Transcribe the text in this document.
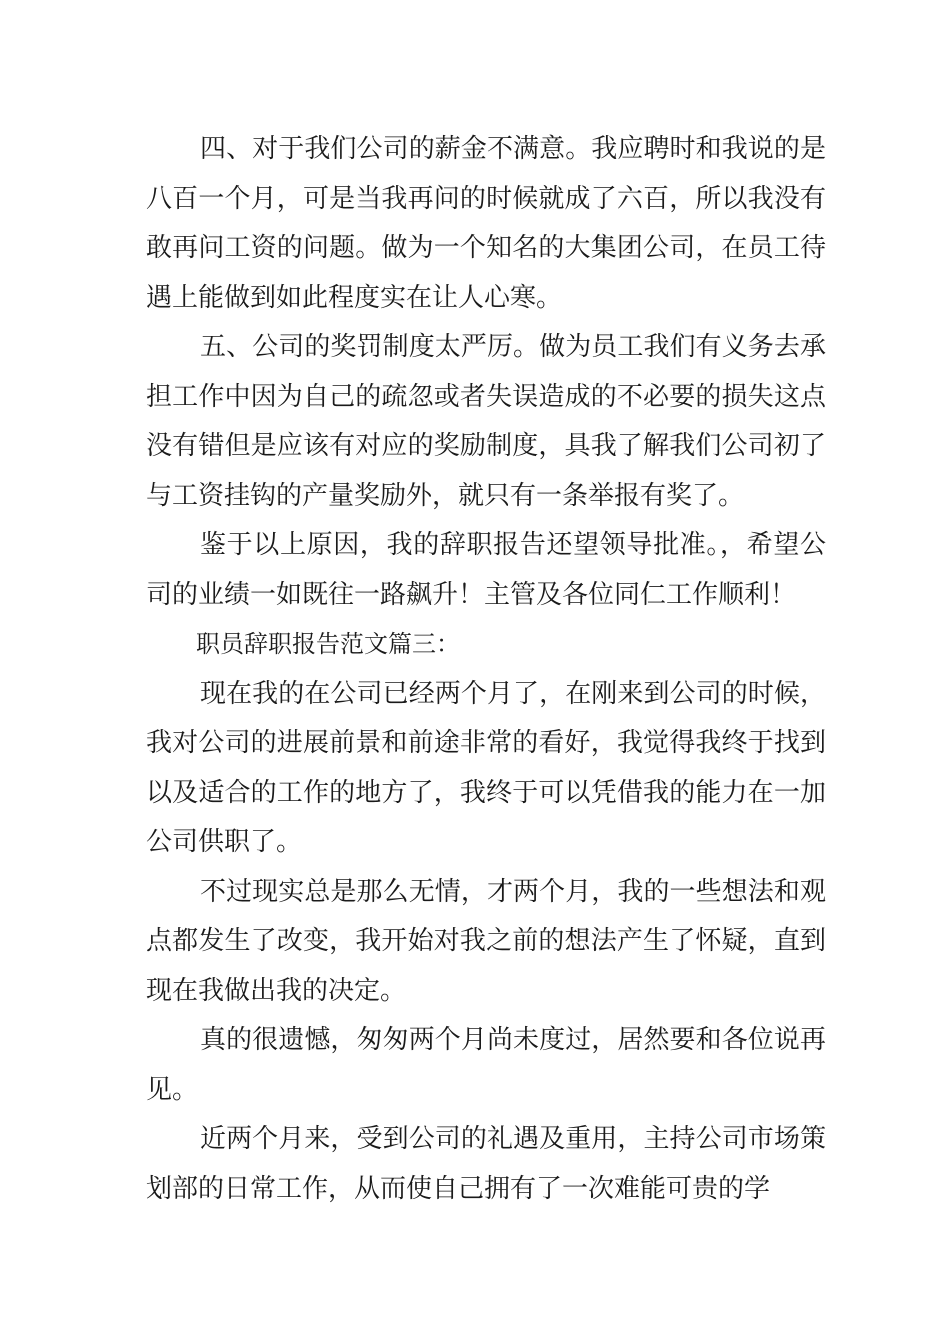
四、对于我们公司的薪金不满意。我应聘时和我说的是八百一个月，可是当我再问的时候就成了六百，所以我没有敢再问工资的问题。做为一个知名的大集团公司，在员工待遇上能做到如此程度实在让人心寒。

五、公司的奖罚制度太严厉。做为员工我们有义务去承担工作中因为自己的疏忽或者失误造成的不必要的损失这点没有错但是应该有对应的奖励制度，具我了解我们公司初了与工资挂钩的产量奖励外，就只有一条举报有奖了。

鉴于以上原因，我的辞职报告还望领导批准。，希望公司的业绩一如既往一路飙升！主管及各位同仁工作顺利！

职员辞职报告范文篇三：

现在我的在公司已经两个月了，在刚来到公司的时候，我对公司的进展前景和前途非常的看好，我觉得我终于找到以及适合的工作的地方了，我终于可以凭借我的能力在一加公司供职了。

不过现实总是那么无情，才两个月，我的一些想法和观点都发生了改变，我开始对我之前的想法产生了怀疑，直到现在我做出我的决定。

真的很遗憾，匆匆两个月尚未度过，居然要和各位说再见。

近两个月来，受到公司的礼遇及重用，主持公司市场策划部的日常工作，从而使自己拥有了一次难能可贵的学
